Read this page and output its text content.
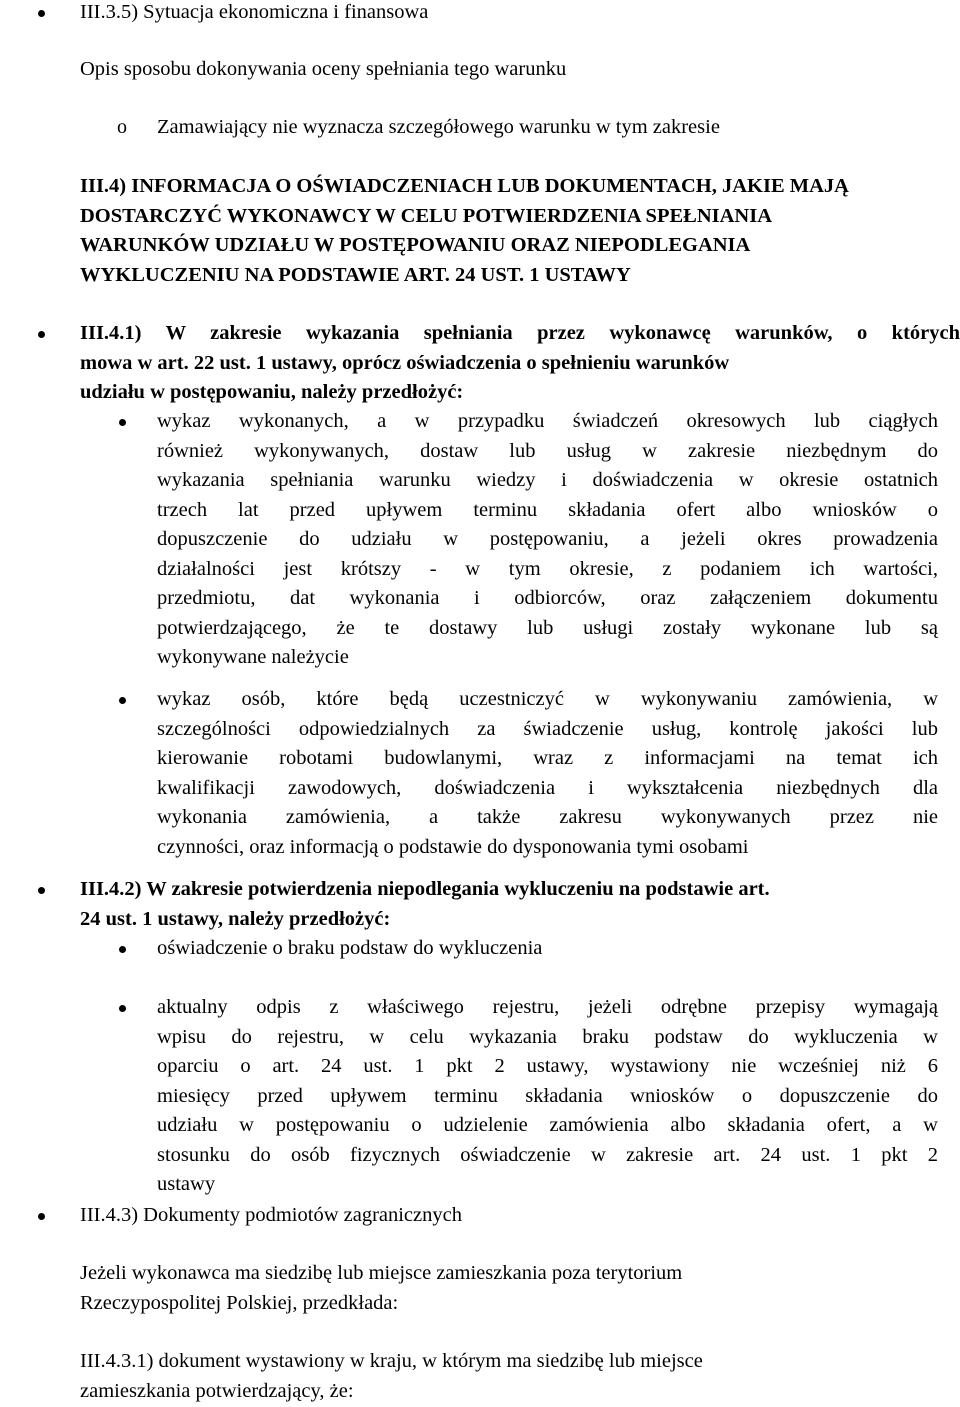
III.3.5) Sytuacja ekonomiczna i finansowa
Opis sposobu dokonywania oceny spełniania tego warunku
o Zamawiający nie wyznacza szczegółowego warunku w tym zakresie
III.4) INFORMACJA O OŚWIADCZENIACH LUB DOKUMENTACH, JAKIE MAJĄ
DOSTARCZYĆ WYKONAWCY W CELU POTWIERDZENIA SPEŁNIANIA
WARUNKÓW UDZIAŁU W POSTĘPOWANIU ORAZ NIEPODLEGANIA
WYKLUCZENIU NA PODSTAWIE ART. 24 UST. 1 USTAWY
III.4.1) W zakresie wykazania spełniania przez wykonawcę warunków, o których
mowa w art. 22 ust. 1 ustawy, oprócz oświadczenia o spełnieniu warunków
udziału w postępowaniu, należy przedłożyć:
wykaz wykonanych, a w przypadku świadczeń okresowych lub ciągłych
również wykonywanych, dostaw lub usług w zakresie niezbędnym do
wykazania spełniania warunku wiedzy i doświadczenia w okresie ostatnich
trzech lat przed upływem terminu składania ofert albo wniosków o
dopuszczenie do udziału w postępowaniu, a jeżeli okres prowadzenia
działalności jest krótszy - w tym okresie, z podaniem ich wartości,
przedmiotu, dat wykonania i odbiorców, oraz załączeniem dokumentu
potwierdzającego, że te dostawy lub usługi zostały wykonane lub są
wykonywane należycie
wykaz osób, które będą uczestniczyć w wykonywaniu zamówienia, w
szczególności odpowiedzialnych za świadczenie usług, kontrolę jakości lub
kierowanie robotami budowlanymi, wraz z informacjami na temat ich
kwalifikacji zawodowych, doświadczenia i wykształcenia niezbędnych dla
wykonania zamówienia, a także zakresu wykonywanych przez nie
czynności, oraz informacją o podstawie do dysponowania tymi osobami
III.4.2) W zakresie potwierdzenia niepodlegania wykluczeniu na podstawie art.
24 ust. 1 ustawy, należy przedłożyć:
oświadczenie o braku podstaw do wykluczenia
aktualny odpis z właściwego rejestru, jeżeli odrębne przepisy wymagają
wpisu do rejestru, w celu wykazania braku podstaw do wykluczenia w
oparciu o art. 24 ust. 1 pkt 2 ustawy, wystawiony nie wcześniej niż 6
miesięcy przed upływem terminu składania wniosków o dopuszczenie do
udziału w postępowaniu o udzielenie zamówienia albo składania ofert, a w
stosunku do osób fizycznych oświadczenie w zakresie art. 24 ust. 1 pkt 2
ustawy
III.4.3) Dokumenty podmiotów zagranicznych
Jeżeli wykonawca ma siedzibę lub miejsce zamieszkania poza terytorium
Rzeczypospolitej Polskiej, przedkłada:
III.4.3.1) dokument wystawiony w kraju, w którym ma siedzibę lub miejsce
zamieszkania potwierdzający, że:
